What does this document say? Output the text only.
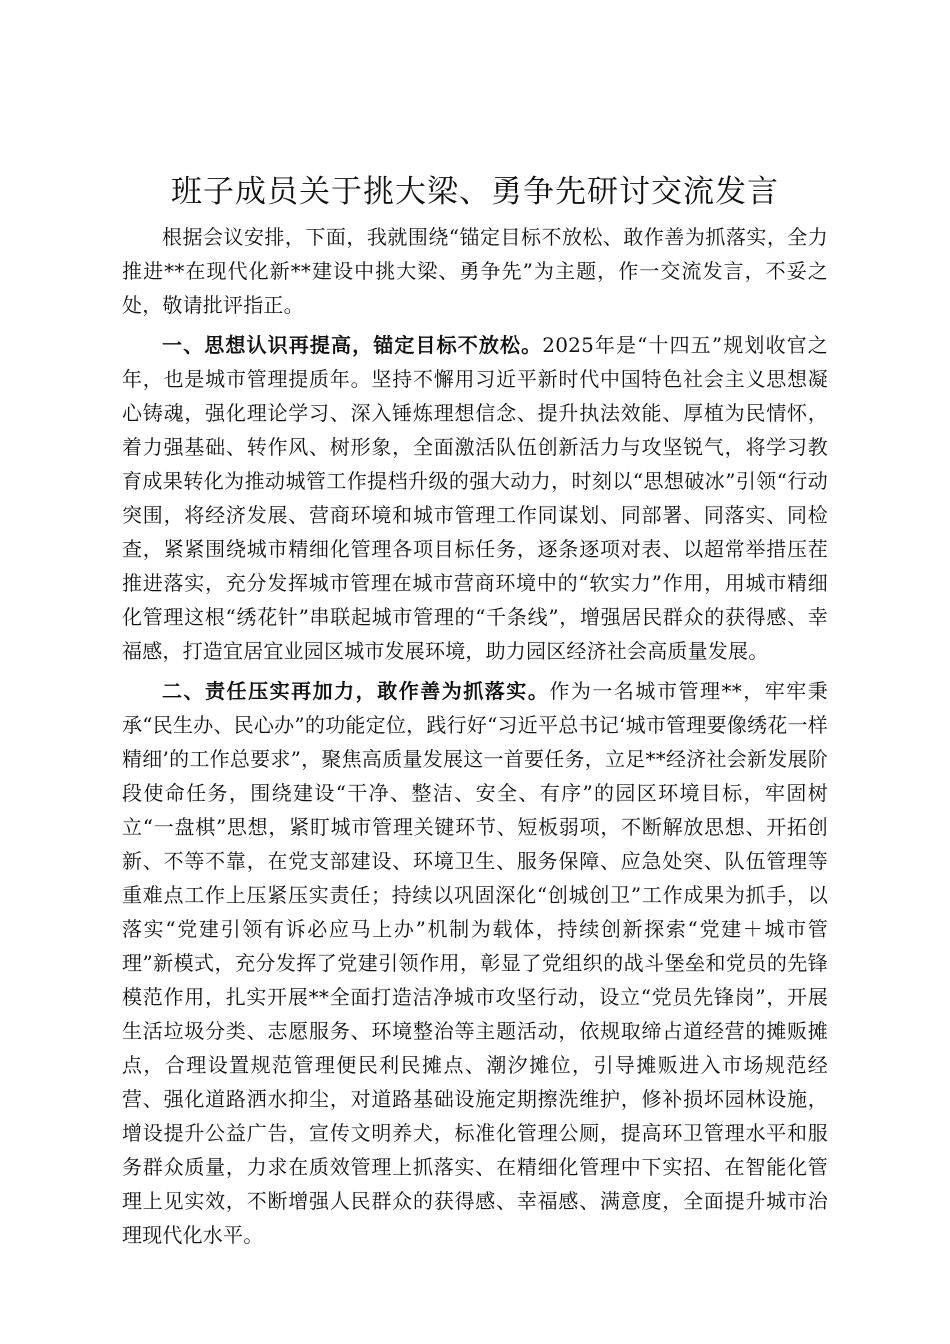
班子成员关于挑大梁、勇争先研讨交流发言

根据会议安排，下面，我就围绕“锚定目标不放松、敢作善为抓落实，全力推进**在现代化新**建设中挑大梁、勇争先”为主题，作一交流发言，不妥之处，敬请批评指正。

一、思想认识再提高，锚定目标不放松。2025年是“十四五”规划收官之年，也是城市管理提质年。坚持不懈用习近平新时代中国特色社会主义思想凝心铸魂，强化理论学习、深入锤炼理想信念、提升执法效能、厚植为民情怀，着力强基础、转作风、树形象，全面激活队伍创新活力与攻坚锐气，将学习教育成果转化为推动城管工作提档升级的强大动力，时刻以“思想破冰”引领“行动突围，将经济发展、营商环境和城市管理工作同谋划、同部署、同落实、同检查，紧紧围绕城市精细化管理各项目标任务，逐条逐项对表、以超常举措压茬推进落实，充分发挥城市管理在城市营商环境中的“软实力”作用，用城市精细化管理这根“绣花针”串联起城市管理的“千条线”，增强居民群众的获得感、幸福感，打造宜居宜业园区城市发展环境，助力园区经济社会高质量发展。

二、责任压实再加力，敢作善为抓落实。作为一名城市管理**，牢牢秉承“民生办、民心办”的功能定位，践行好“习近平总书记‘城市管理要像绣花一样精细’的工作总要求”，聚焦高质量发展这一首要任务，立足**经济社会新发展阶段使命任务，围绕建设“干净、整洁、安全、有序”的园区环境目标，牢固树立“一盘棋”思想，紧盯城市管理关键环节、短板弱项，不断解放思想、开拓创新、不等不靠，在党支部建设、环境卫生、服务保障、应急处突、队伍管理等重难点工作上压紧压实责任；持续以巩固深化“创城创卫”工作成果为抓手，以落实“党建引领有诉必应马上办”机制为载体，持续创新探索“党建＋城市管理”新模式，充分发挥了党建引领作用，彰显了党组织的战斗堡垒和党员的先锋模范作用，扎实开展**全面打造洁净城市攻坚行动，设立“党员先锋岗”，开展生活垃圾分类、志愿服务、环境整治等主题活动，依规取缔占道经营的摊贩摊点，合理设置规范管理便民利民摊点、潮汐摊位，引导摊贩进入市场规范经营、强化道路洒水抑尘，对道路基础设施定期擦洗维护，修补损坏园林设施，增设提升公益广告，宣传文明养犬，标准化管理公厕，提高环卫管理水平和服务群众质量，力求在质效管理上抓落实、在精细化管理中下实招、在智能化管理上见实效，不断增强人民群众的获得感、幸福感、满意度，全面提升城市治理现代化水平。
